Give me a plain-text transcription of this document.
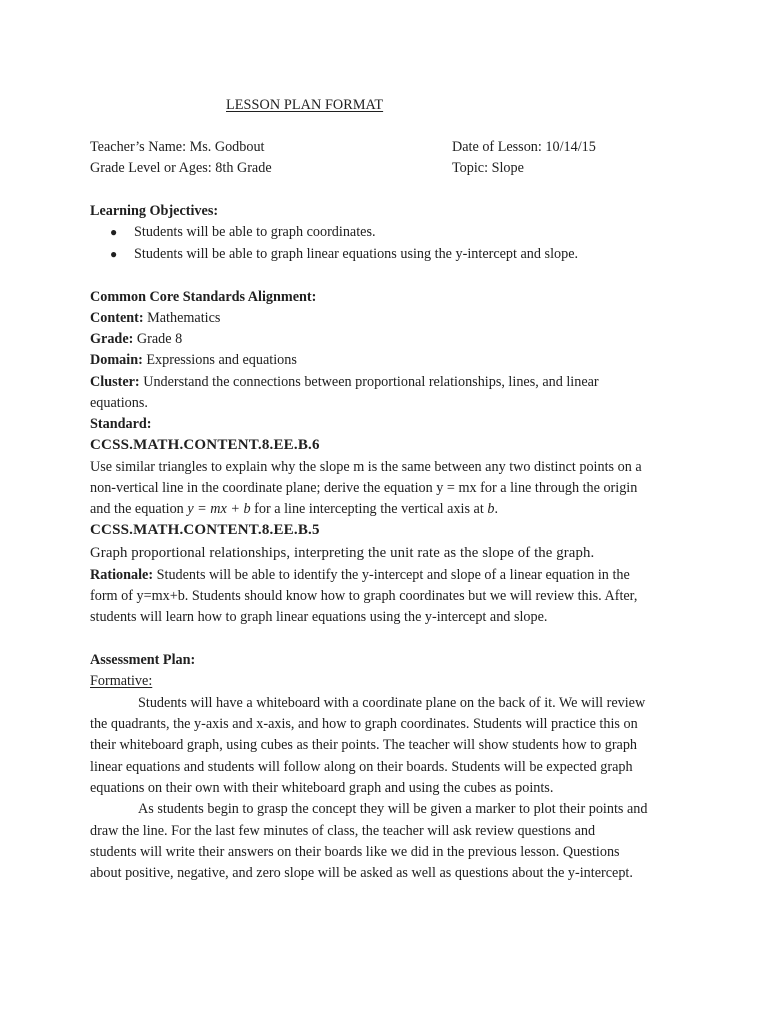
LESSON PLAN FORMAT
Teacher’s Name: Ms. Godbout	Date of Lesson: 10/14/15
Grade Level or Ages: 8th Grade	Topic: Slope
Learning Objectives:
● Students will be able to graph coordinates.
● Students will be able to graph linear equations using the y-intercept and slope.
Common Core Standards Alignment:
Content: Mathematics
Grade: Grade 8
Domain: Expressions and equations
Cluster: Understand the connections between proportional relationships, lines, and linear
equations.
Standard:
CCSS.MATH.CONTENT.8.EE.B.6
Use similar triangles to explain why the slope m is the same between any two distinct points on a
non-vertical line in the coordinate plane; derive the equation y = mx for a line through the origin
and the equation y = mx + b for a line intercepting the vertical axis at b.
CCSS.MATH.CONTENT.8.EE.B.5
Graph proportional relationships, interpreting the unit rate as the slope of the graph.
Rationale: Students will be able to identify the y-intercept and slope of a linear equation in the
form of y=mx+b. Students should know how to graph coordinates but we will review this. After,
students will learn how to graph linear equations using the y-intercept and slope.
Assessment Plan:
Formative:
Students will have a whiteboard with a coordinate plane on the back of it. We will review
the quadrants, the y-axis and x-axis, and how to graph coordinates. Students will practice this on
their whiteboard graph, using cubes as their points. The teacher will show students how to graph
linear equations and students will follow along on their boards. Students will be expected graph
equations on their own with their whiteboard graph and using the cubes as points.
As students begin to grasp the concept they will be given a marker to plot their points and
draw the line. For the last few minutes of class, the teacher will ask review questions and
students will write their answers on their boards like we did in the previous lesson. Questions
about positive, negative, and zero slope will be asked as well as questions about the y-intercept.
